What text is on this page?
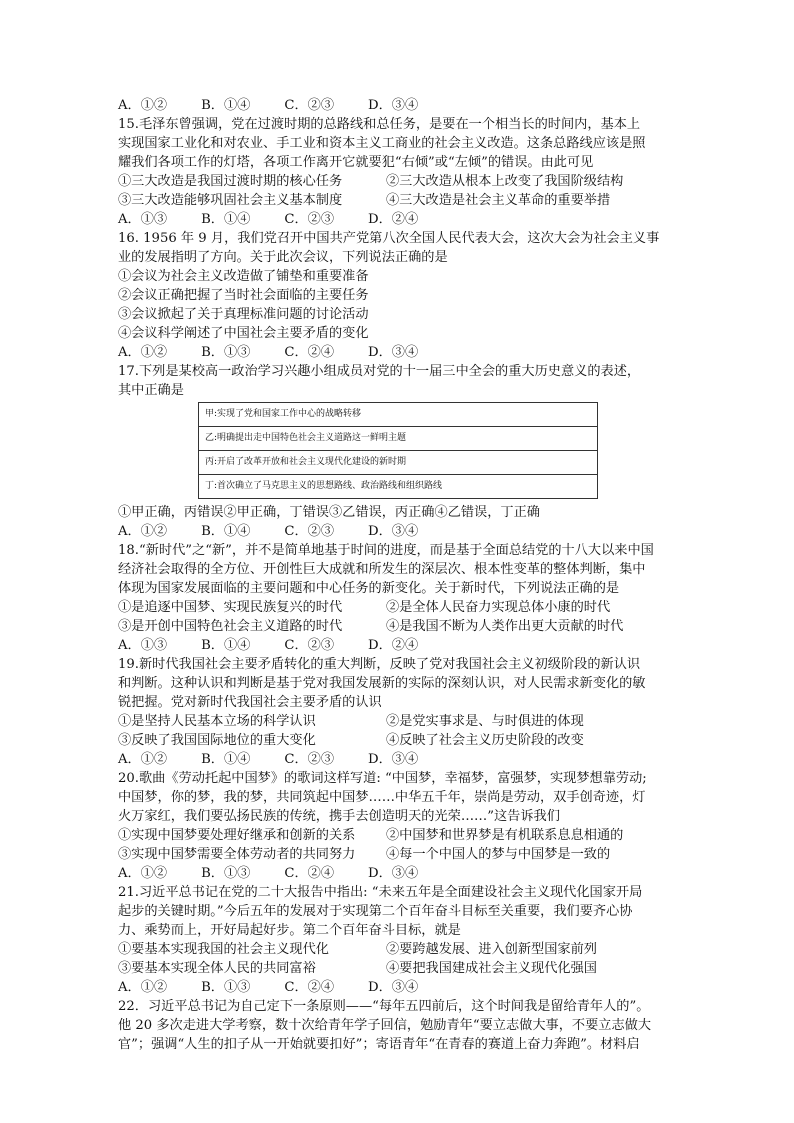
A．①②	B．①④	C．②③	D．③④
15.毛泽东曾强调，党在过渡时期的总路线和总任务，是要在一个相当长的时间内，基本上
实现国家工业化和对农业、手工业和资本主义工商业的社会主义改造。这条总路线应该是照
耀我们各项工作的灯塔，各项工作离开它就要犯“右倾”或“左倾”的错误。由此可见
①三大改造是我国过渡时期的核心任务	②三大改造从根本上改变了我国阶级结构
③三大改造能够巩固社会主义基本制度	④三大改造是社会主义革命的重要举措
A．①③	B．①④	C．②③	D．②④
16. 1956 年 9 月，我们党召开中国共产党第八次全国人民代表大会，这次大会为社会主义事
业的发展指明了方向。关于此次会议，下列说法正确的是
①会议为社会主义改造做了铺垫和重要准备
②会议正确把握了当时社会面临的主要任务
③会议掀起了关于真理标准问题的讨论活动
④会议科学阐述了中国社会主要矛盾的变化
A．①②	B．①③	C．②④	D．③④
17.下列是某校高一政治学习兴趣小组成员对党的十一届三中全会的重大历史意义的表述，
其中正确是
甲:实现了党和国家工作中心的战略转移
乙:明确提出走中国特色社会主义道路这一鲜明主题
丙:开启了改革开放和社会主义现代化建设的新时期
丁:首次确立了马克思主义的思想路线、政治路线和组织路线
①甲正确，丙错误②甲正确，丁错误③乙错误，丙正确④乙错误，丁正确
A．①②	B．①④	C．②③	D．③④
18.“新时代”之“新”，并不是简单地基于时间的进度，而是基于全面总结党的十八大以来中国
经济社会取得的全方位、开创性巨大成就和所发生的深层次、根本性变革的整体判断，集中
体现为国家发展面临的主要问题和中心任务的新变化。关于新时代，下列说法正确的是
①是追逐中国梦、实现民族复兴的时代	②是全体人民奋力实现总体小康的时代
③是开创中国特色社会主义道路的时代	④是我国不断为人类作出更大贡献的时代
A．①③	B．①④	C．②③	D．②④
19.新时代我国社会主要矛盾转化的重大判断，反映了党对我国社会主义初级阶段的新认识
和判断。这种认识和判断是基于党对我国发展新的实际的深刻认识，对人民需求新变化的敏
锐把握。党对新时代我国社会主要矛盾的认识
①是坚持人民基本立场的科学认识	②是党实事求是、与时俱进的体现
③反映了我国国际地位的重大变化	④反映了社会主义历史阶段的改变
A．①②	B．①④	C．②③	D．③④
20.歌曲《劳动托起中国梦》的歌词这样写道: “中国梦，幸福梦，富强梦，实现梦想靠劳动;
中国梦，你的梦，我的梦，共同筑起中国梦……中华五千年，崇尚是劳动，双手创奇迹，灯
火万家红，我们要弘扬民族的传统，携手去创造明天的光荣……”这告诉我们
①实现中国梦要处理好继承和创新的关系	②中国梦和世界梦是有机联系息息相通的
③实现中国梦需要全体劳动者的共同努力	④每一个中国人的梦与中国梦是一致的
A．①②	B．①③	C．②④	D．③④
21.习近平总书记在党的二十大报告中指出: “未来五年是全面建设社会主义现代化国家开局
起步的关键时期。”今后五年的发展对于实现第二个百年奋斗目标至关重要，我们要齐心协
力、乘势而上，开好局起好步。第二个百年奋斗目标，就是
①要基本实现我国的社会主义现代化	②要跨越发展、进入创新型国家前列
③要基本实现全体人民的共同富裕	④要把我国建成社会主义现代化强国
A．①②	B．①③	C．②④	D．③④
22．习近平总书记为自己定下一条原则——“每年五四前后，这个时间我是留给青年人的”。
他 20 多次走进大学考察，数十次给青年学子回信，勉励青年“要立志做大事，不要立志做大
官”；强调“人生的扣子从一开始就要扣好”；寄语青年“在青春的赛道上奋力奔跑”。材料启
